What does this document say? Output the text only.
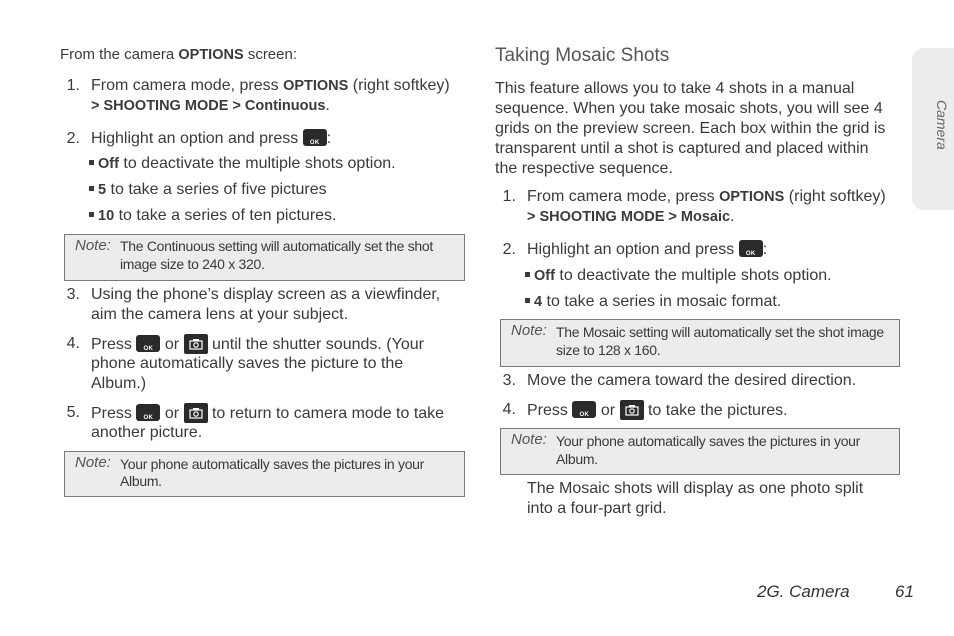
From the camera OPTIONS screen:
1. From camera mode, press OPTIONS (right softkey)
> SHOOTING MODE > Continuous.
2. Highlight an option and press OK :
Off to deactivate the multiple shots option.
5 to take a series of five pictures
10 to take a series of ten pictures.
Note: The Continuous setting will automatically set the shot
image size to 240 x 320.
3. Using the phone’s display screen as a viewfinder,
aim the camera lens at your subject.
4. Press OK or until the shutter sounds. (Your
phone automatically saves the picture to the
Album.)
5. Press OK or to return to camera mode to take
another picture.
Note: Your phone automatically saves the pictures in your
Album.
Taking Mosaic Shots
This feature allows you to take 4 shots in a manual
sequence. When you take mosaic shots, you will see 4
grids on the preview screen. Each box within the grid is
transparent until a shot is captured and placed within
the respective sequence.
1. From camera mode, press OPTIONS (right softkey)
> SHOOTING MODE > Mosaic.
2. Highlight an option and press OK :
Off to deactivate the multiple shots option.
4 to take a series in mosaic format.
Note: The Mosaic setting will automatically set the shot image
size to 128 x 160.
3. Move the camera toward the desired direction.
4. Press OK or to take the pictures.
Note: Your phone automatically saves the pictures in your
Album.
The Mosaic shots will display as one photo split
into a four-part grid.
Camera
2G. Camera	61
